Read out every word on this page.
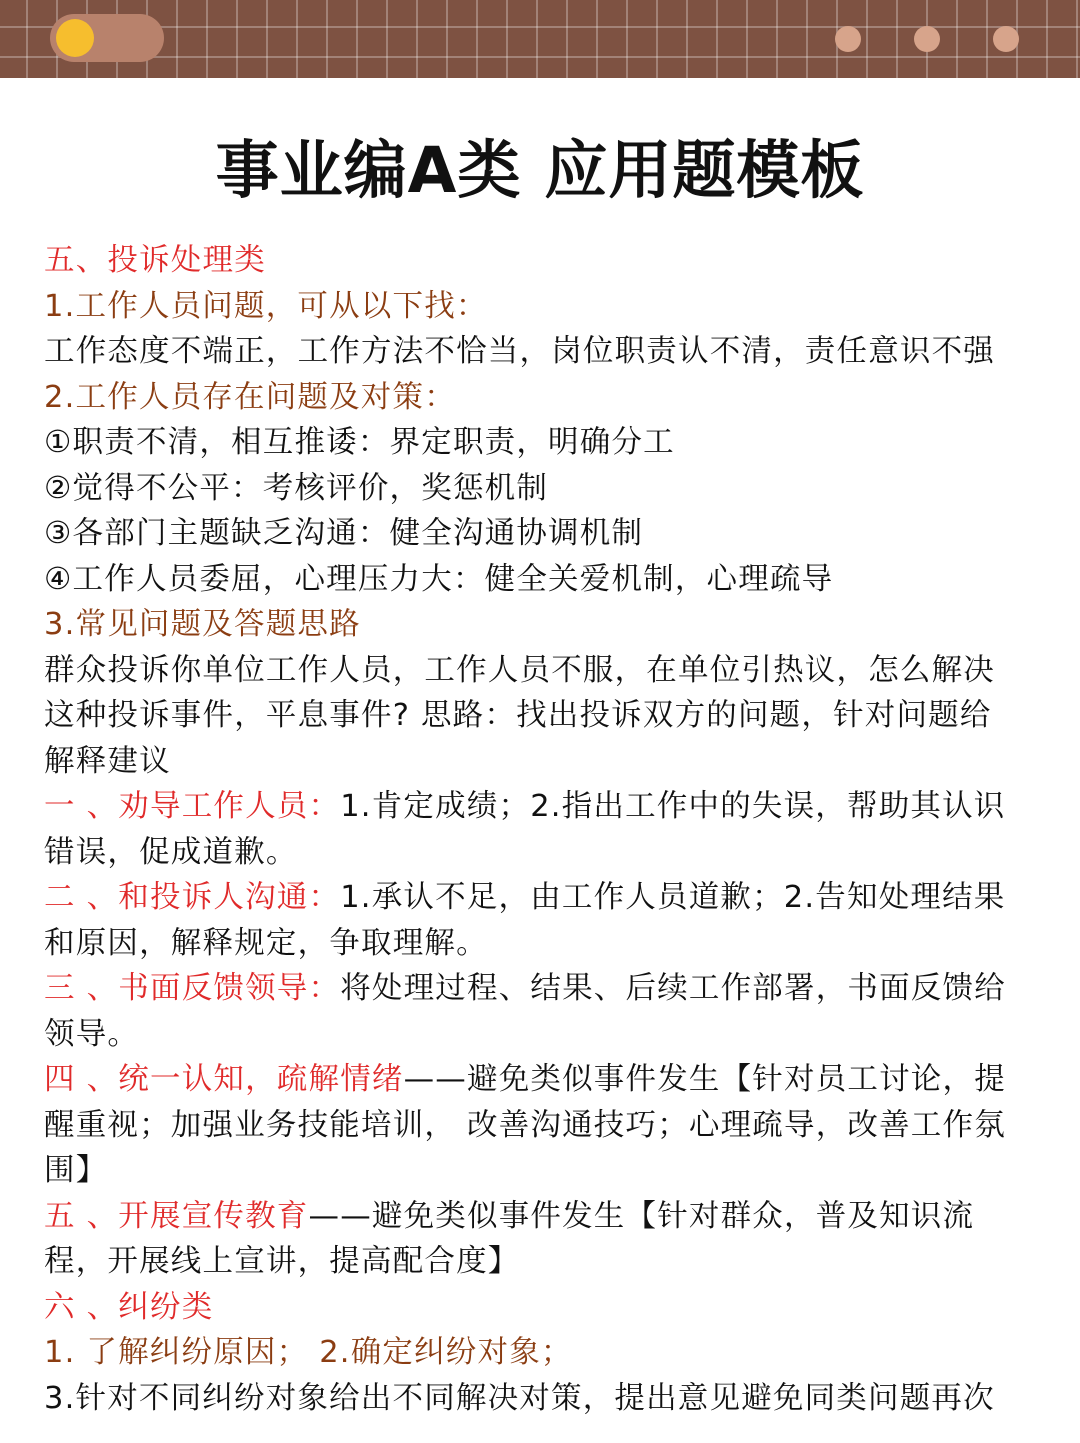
事业编A类 应用题模板
五、投诉处理类
1.工作人员问题，可从以下找：
工作态度不端正，工作方法不恰当，岗位职责认不清，责任意识不强
2.工作人员存在问题及对策：
①职责不清，相互推诿：界定职责，明确分工
②觉得不公平：考核评价，奖惩机制
③各部门主题缺乏沟通：健全沟通协调机制
④工作人员委屈，心理压力大：健全关爱机制，心理疏导
3.常见问题及答题思路
群众投诉你单位工作人员，工作人员不服，在单位引热议，怎么解决
这种投诉事件，平息事件? 思路：找出投诉双方的问题，针对问题给
解释建议
一 、劝导工作人员：1.肯定成绩；2.指出工作中的失误，帮助其认识
错误，促成道歉。
二 、和投诉人沟通：1.承认不足，由工作人员道歉；2.告知处理结果
和原因，解释规定，争取理解。
三 、书面反馈领导：将处理过程、结果、后续工作部署，书面反馈给
领导。
四 、统一认知，疏解情绪——避免类似事件发生【针对员工讨论，提
醒重视；加强业务技能培训， 改善沟通技巧；心理疏导，改善工作氛
围】
五 、开展宣传教育——避免类似事件发生【针对群众，普及知识流
程，开展线上宣讲，提高配合度】
六 、纠纷类
1. 了解纠纷原因； 2.确定纠纷对象；
3.针对不同纠纷对象给出不同解决对策，提出意见避免同类问题再次
